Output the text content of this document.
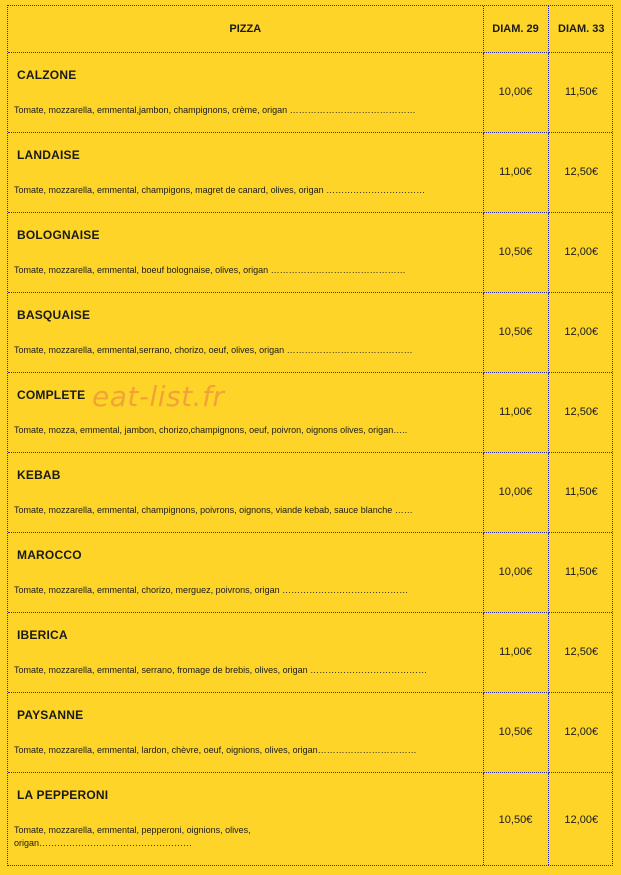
PIZZA	DIAM. 29	DIAM. 33

CALZONE
Tomate, mozzarella, emmental,jambon, champignons, crème, origan ……………………………………	10,00€	11,50€

LANDAISE
Tomate, mozzarella, emmental, champigons, magret de canard, olives, origan ……………………………	11,00€	12,50€

BOLOGNAISE
Tomate, mozzarella, emmental, boeuf bolognaise, olives, origan ………………………………………	10,50€	12,00€

BASQUAISE
Tomate, mozzarella, emmental,serrano, chorizo, oeuf, olives, origan ……………………………………	10,50€	12,00€

COMPLETE
Tomate, mozza, emmental, jambon, chorizo,champignons, oeuf, poivron, oignons olives, origan…..	11,00€	12,50€

KEBAB
Tomate, mozzarella, emmental, champignons, poivrons, oignons, viande kebab, sauce blanche ……	10,00€	11,50€

MAROCCO
Tomate, mozzarella, emmental, chorizo, merguez, poivrons, origan ……………………………………	10,00€	11,50€

IBERICA
Tomate, mozzarella, emmental, serrano, fromage de brebis, olives, origan …………………………………	11,00€	12,50€

PAYSANNE
Tomate, mozzarella, emmental, lardon, chèvre, oeuf, oignions, olives, origan……………………………	10,50€	12,00€

LA PEPPERONI
Tomate, mozzarella, emmental, pepperoni, oignions, olives, origan……………………………………………	10,50€	12,00€
eat-list.fr
